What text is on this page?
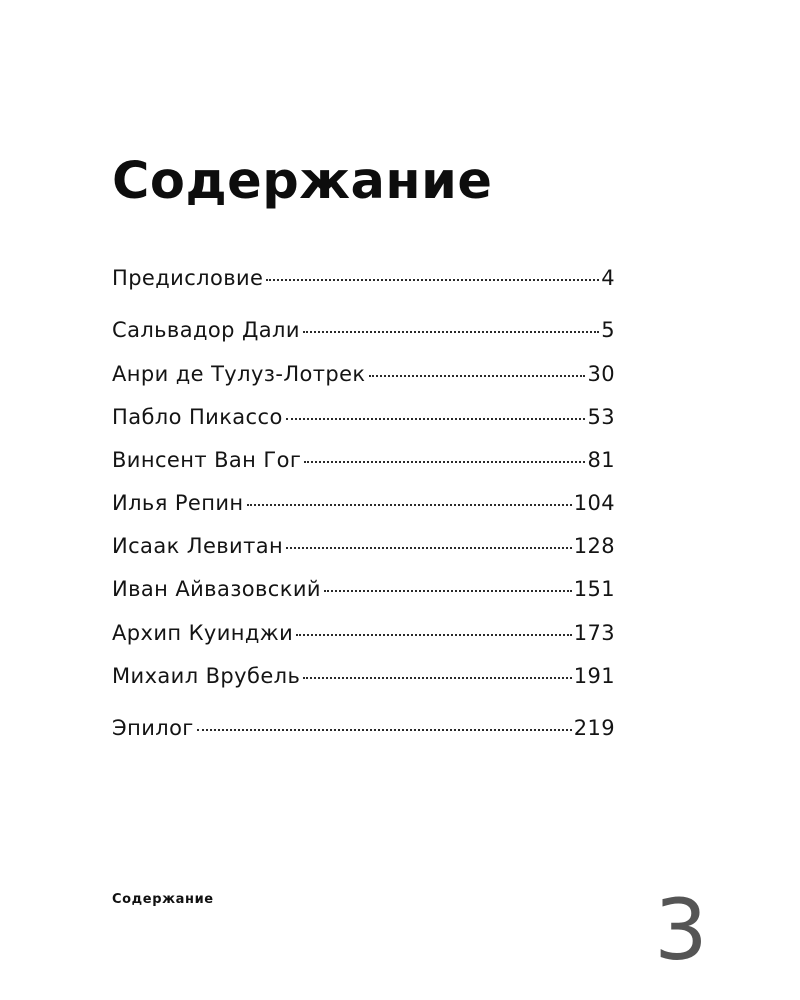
Содержание
Предисловие	4
Сальвадор Дали	5
Анри де Тулуз-Лотрек	30
Пабло Пикассо	53
Винсент Ван Гог	81
Илья Репин	104
Исаак Левитан	128
Иван Айвазовский	151
Архип Куинджи	173
Михаил Врубель	191
Эпилог	219
Содержание	3
